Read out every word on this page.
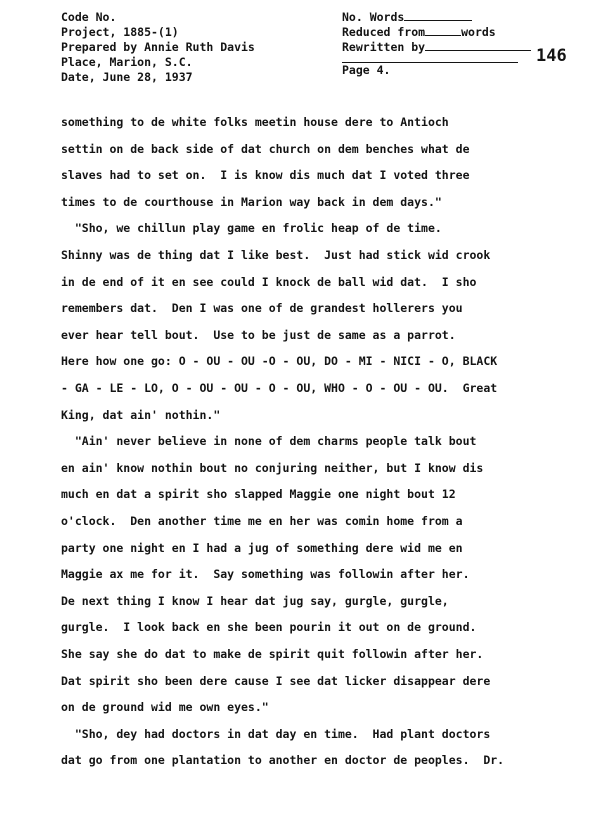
Code No.
Project, 1885-(1)
Prepared by Annie Ruth Davis
Place, Marion, S.C.
Date, June 28, 1937
No. Words
Reduced from	words
Rewritten by
Page 4.
146
something to de white folks meetin house dere to Antioch
settin on de back side of dat church on dem benches what de
slaves had to set on.  I is know dis much dat I voted three
times to de courthouse in Marion way back in dem days."
"Sho, we chillun play game en frolic heap of de time.
Shinny was de thing dat I like best.  Just had stick wid crook
in de end of it en see could I knock de ball wid dat.  I sho
remembers dat.  Den I was one of de grandest hollerers you
ever hear tell bout.  Use to be just de same as a parrot.
Here how one go: O - OU - OU -O - OU, DO - MI - NICI - O, BLACK
- GA - LE - LO, O - OU - OU - O - OU, WHO - O - OU - OU.  Great
King, dat ain' nothin."
"Ain' never believe in none of dem charms people talk bout
en ain' know nothin bout no conjuring neither, but I know dis
much en dat a spirit sho slapped Maggie one night bout 12
o'clock.  Den another time me en her was comin home from a
party one night en I had a jug of something dere wid me en
Maggie ax me for it.  Say something was followin after her.
De next thing I know I hear dat jug say, gurgle, gurgle,
gurgle.  I look back en she been pourin it out on de ground.
She say she do dat to make de spirit quit followin after her.
Dat spirit sho been dere cause I see dat licker disappear dere
on de ground wid me own eyes."
"Sho, dey had doctors in dat day en time.  Had plant doctors
dat go from one plantation to another en doctor de peoples.  Dr.
